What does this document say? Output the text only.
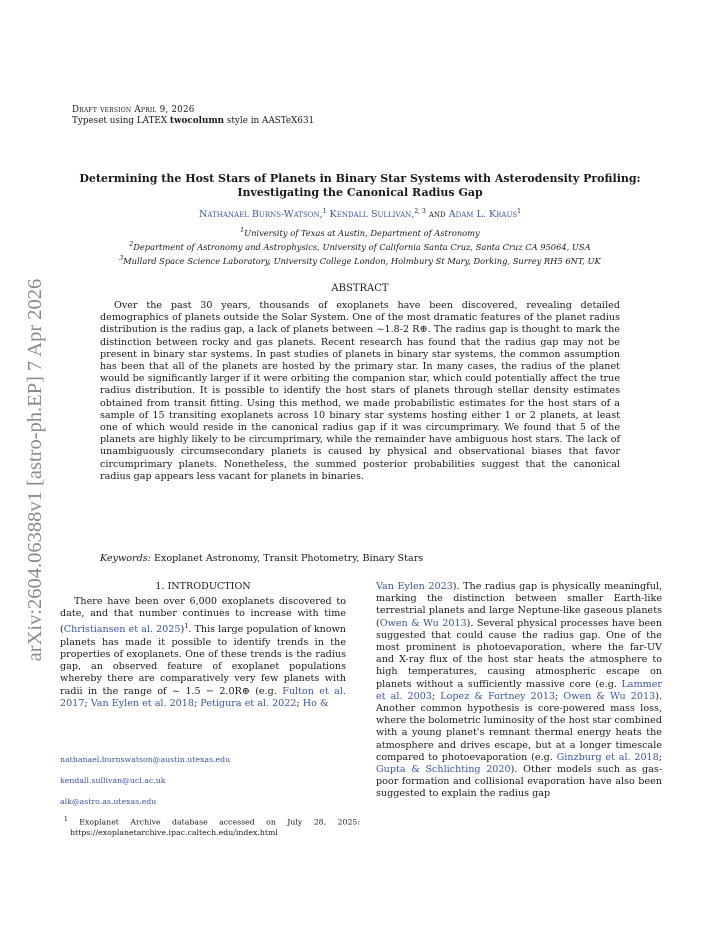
arXiv:2604.06388v1 [astro-ph.EP] 7 Apr 2026
Draft version April 9, 2026
Typeset using LATEX twocolumn style in AASTeX631
Determining the Host Stars of Planets in Binary Star Systems with Asterodensity Profiling:
Investigating the Canonical Radius Gap
Nathanael Burns-Watson,$^1$ Kendall Sullivan,$^{2, 3}$ and Adam L. Kraus$^1$
$^1$University of Texas at Austin, Department of Astronomy
$^2$Department of Astronomy and Astrophysics, University of California Santa Cruz, Santa Cruz CA 95064, USA
$^3$Mullard Space Science Laboratory, University College London, Holmbury St Mary, Dorking, Surrey RH5 6NT, UK
ABSTRACT
Over the past 30 years, thousands of exoplanets have been discovered, revealing detailed demographics of planets outside the Solar System. One of the most dramatic features of the planet radius distribution is the radius gap, a lack of planets between ~1.8-2 R⊕. The radius gap is thought to mark the distinction between rocky and gas planets. Recent research has found that the radius gap may not be present in binary star systems. In past studies of planets in binary star systems, the common assumption has been that all of the planets are hosted by the primary star. In many cases, the radius of the planet would be significantly larger if it were orbiting the companion star, which could potentially affect the true radius distribution. It is possible to identify the host stars of planets through stellar density estimates obtained from transit fitting. Using this method, we made probabilistic estimates for the host stars of a sample of 15 transiting exoplanets across 10 binary star systems hosting either 1 or 2 planets, at least one of which would reside in the canonical radius gap if it was circumprimary. We found that 5 of the planets are highly likely to be circumprimary, while the remainder have ambiguous host stars. The lack of unambiguously circumsecondary planets is caused by physical and observational biases that favor circumprimary planets. Nonetheless, the summed posterior probabilities suggest that the canonical radius gap appears less vacant for planets in binaries.
Keywords: Exoplanet Astronomy, Transit Photometry, Binary Stars
1. INTRODUCTION

There have been over 6,000 exoplanets discovered to date, and that number continues to increase with time (Christiansen et al. 2025)$^1$. This large population of known planets has made it possible to identify trends in the properties of exoplanets. One of these trends is the radius gap, an observed feature of exoplanet populations whereby there are comparatively very few planets with radii in the range of ~ 1.5 − 2.0R⊕ (e.g. Fulton et al. 2017; Van Eylen et al. 2018; Petigura et al. 2022; Ho &

nathanael.burnswatson@austin.utexas.edu
kendall.sullivan@ucl.ac.uk
alk@astro.as.utexas.edu
$^1$ Exoplanet Archive database accessed on July 28, 2025: https://exoplanetarchive.ipac.caltech.edu/index.html

Van Eylen 2023). The radius gap is physically meaningful, marking the distinction between smaller Earth-like terrestrial planets and large Neptune-like gaseous planets (Owen & Wu 2013). Several physical processes have been suggested that could cause the radius gap. One of the most prominent is photoevaporation, where the far-UV and X-ray flux of the host star heats the atmosphere to high temperatures, causing atmospheric escape on planets without a sufficiently massive core (e.g. Lammer et al. 2003; Lopez & Fortney 2013; Owen & Wu 2013). Another common hypothesis is core-powered mass loss, where the bolometric luminosity of the host star combined with a young planet's remnant thermal energy heats the atmosphere and drives escape, but at a longer timescale compared to photoevaporation (e.g. Ginzburg et al. 2018; Gupta & Schlichting 2020). Other models such as gas-poor formation and collisional evaporation have also been suggested to explain the radius gap
